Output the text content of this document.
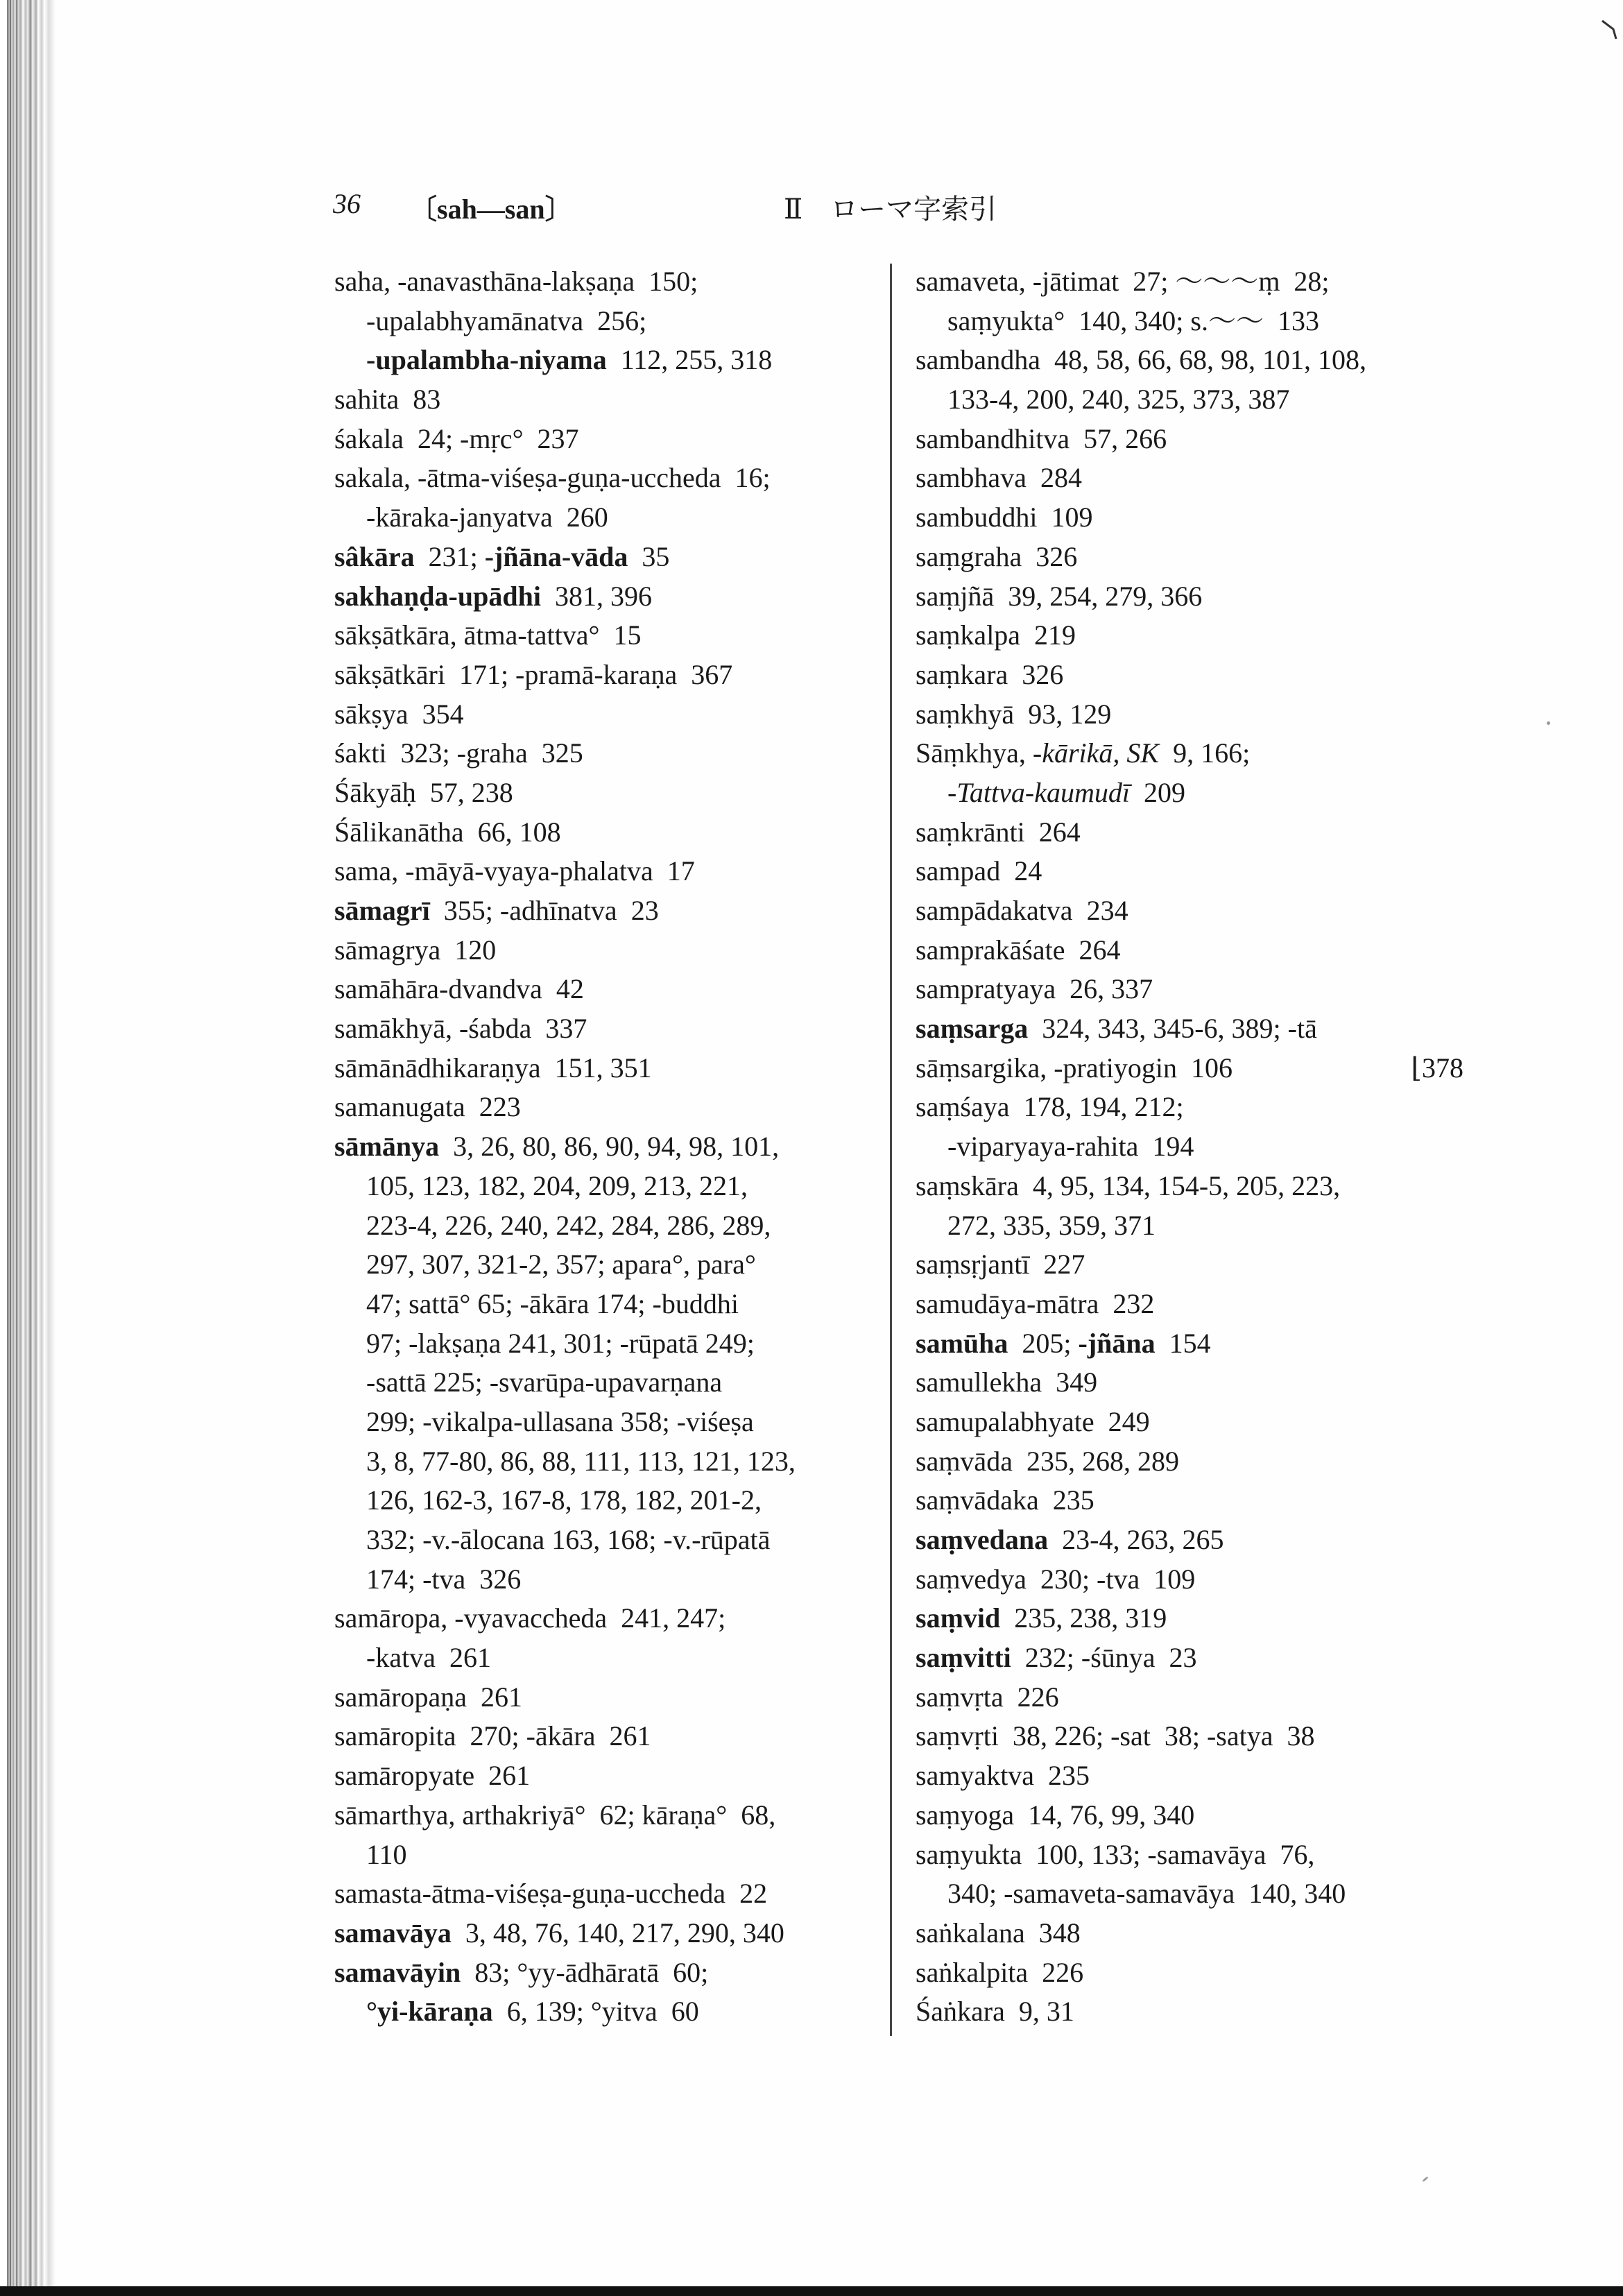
36 〔sah—san〕	Ⅱ　ローマ字索引
saha, -anavasthāna-lakṣaṇa  150;
-upalabhyamānatva  256;
-upalambha-niyama  112, 255, 318
sahita  83
śakala  24; -mṛc°  237
sakala, -ātma-viśeṣa-guṇa-uccheda  16;
-kāraka-janyatva  260
sâkāra  231; -jñāna-vāda  35
sakhaṇḍa-upādhi  381, 396
sākṣātkāra, ātma-tattva°  15
sākṣātkāri  171; -pramā-karaṇa  367
sākṣya  354
śakti  323; -graha  325
Śākyāḥ  57, 238
Śālikanātha  66, 108
sama, -māyā-vyaya-phalatva  17
sāmagrī  355; -adhīnatva  23
sāmagrya  120
samāhāra-dvandva  42
samākhyā, -śabda  337
sāmānādhikaraṇya  151, 351
samanugata  223
sāmānya  3, 26, 80, 86, 90, 94, 98, 101,
105, 123, 182, 204, 209, 213, 221,
223-4, 226, 240, 242, 284, 286, 289,
297, 307, 321-2, 357; apara°, para°
47; sattā° 65; -ākāra 174; -buddhi
97; -lakṣaṇa 241, 301; -rūpatā 249;
-sattā 225; -svarūpa-upavarṇana
299; -vikalpa-ullasana 358; -viśeṣa
3, 8, 77-80, 86, 88, 111, 113, 121, 123,
126, 162-3, 167-8, 178, 182, 201-2,
332; -v.-ālocana 163, 168; -v.-rūpatā
174; -tva  326
samāropa, -vyavaccheda  241, 247;
-katva  261
samāropaṇa  261
samāropita  270; -ākāra  261
samāropyate  261
sāmarthya, arthakriyā°  62; kāraṇa°  68,
110
samasta-ātma-viśeṣa-guṇa-uccheda  22
samavāya  3, 48, 76, 140, 217, 290, 340
samavāyin  83; °yy-ādhāratā  60;
°yi-kāraṇa  6, 139; °yitva  60
samaveta, -jātimat  27; ～～～ṃ  28;
saṃyukta°  140, 340; s.～～  133
sambandha  48, 58, 66, 68, 98, 101, 108,
133-4, 200, 240, 325, 373, 387
sambandhitva  57, 266
sambhava  284
sambuddhi  109
saṃgraha  326
saṃjñā  39, 254, 279, 366
saṃkalpa  219
saṃkara  326
saṃkhyā  93, 129
Sāṃkhya, -kārikā, SK  9, 166;
-Tattva-kaumudī  209
saṃkrānti  264
sampad  24
sampādakatva  234
samprakāśate  264
sampratyaya  26, 337
saṃsarga  324, 343, 345-6, 389; -tā
sāṃsargika, -pratiyogin  106	⌊378
saṃśaya  178, 194, 212;
-viparyaya-rahita  194
saṃskāra  4, 95, 134, 154-5, 205, 223,
272, 335, 359, 371
saṃsṛjantī  227
samudāya-mātra  232
samūha  205; -jñāna  154
samullekha  349
samupalabhyate  249
saṃvāda  235, 268, 289
saṃvādaka  235
saṃvedana  23-4, 263, 265
saṃvedya  230; -tva  109
saṃvid  235, 238, 319
saṃvitti  232; -śūnya  23
saṃvṛta  226
saṃvṛti  38, 226; -sat  38; -satya  38
samyaktva  235
saṃyoga  14, 76, 99, 340
saṃyukta  100, 133; -samavāya  76,
340; -samaveta-samavāya  140, 340
saṅkalana  348
saṅkalpita  226
Śaṅkara  9, 31
